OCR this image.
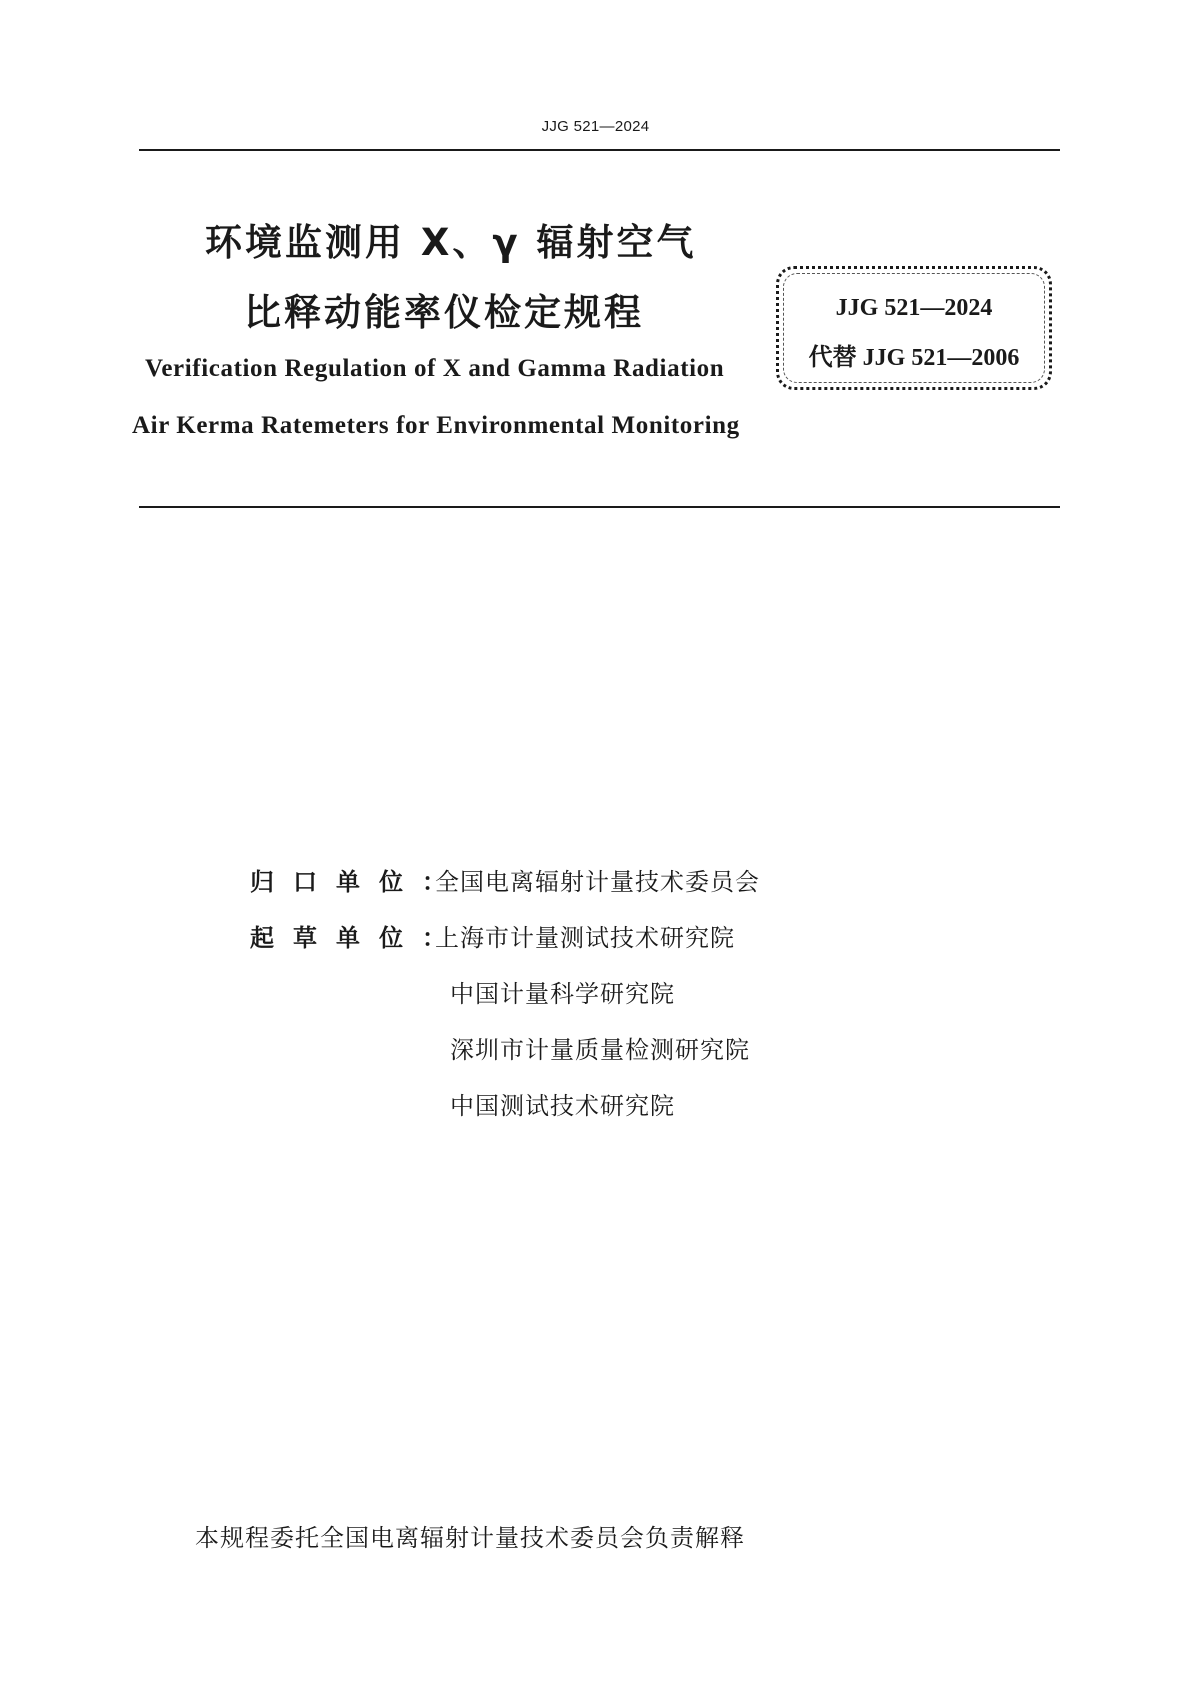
JJG 521—2024
环境监测用 X、γ 辐射空气
比释动能率仪检定规程	JJG 521—2024
代替 JJG 521—2006
Verification Regulation of X and Gamma Radiation
Air Kerma Ratemeters for Environmental Monitoring
归口单位：
全国电离辐射计量技术委员会
起草单位：
上海市计量测试技术研究院
中国计量科学研究院
深圳市计量质量检测研究院
中国测试技术研究院
本规程委托全国电离辐射计量技术委员会负责解释
